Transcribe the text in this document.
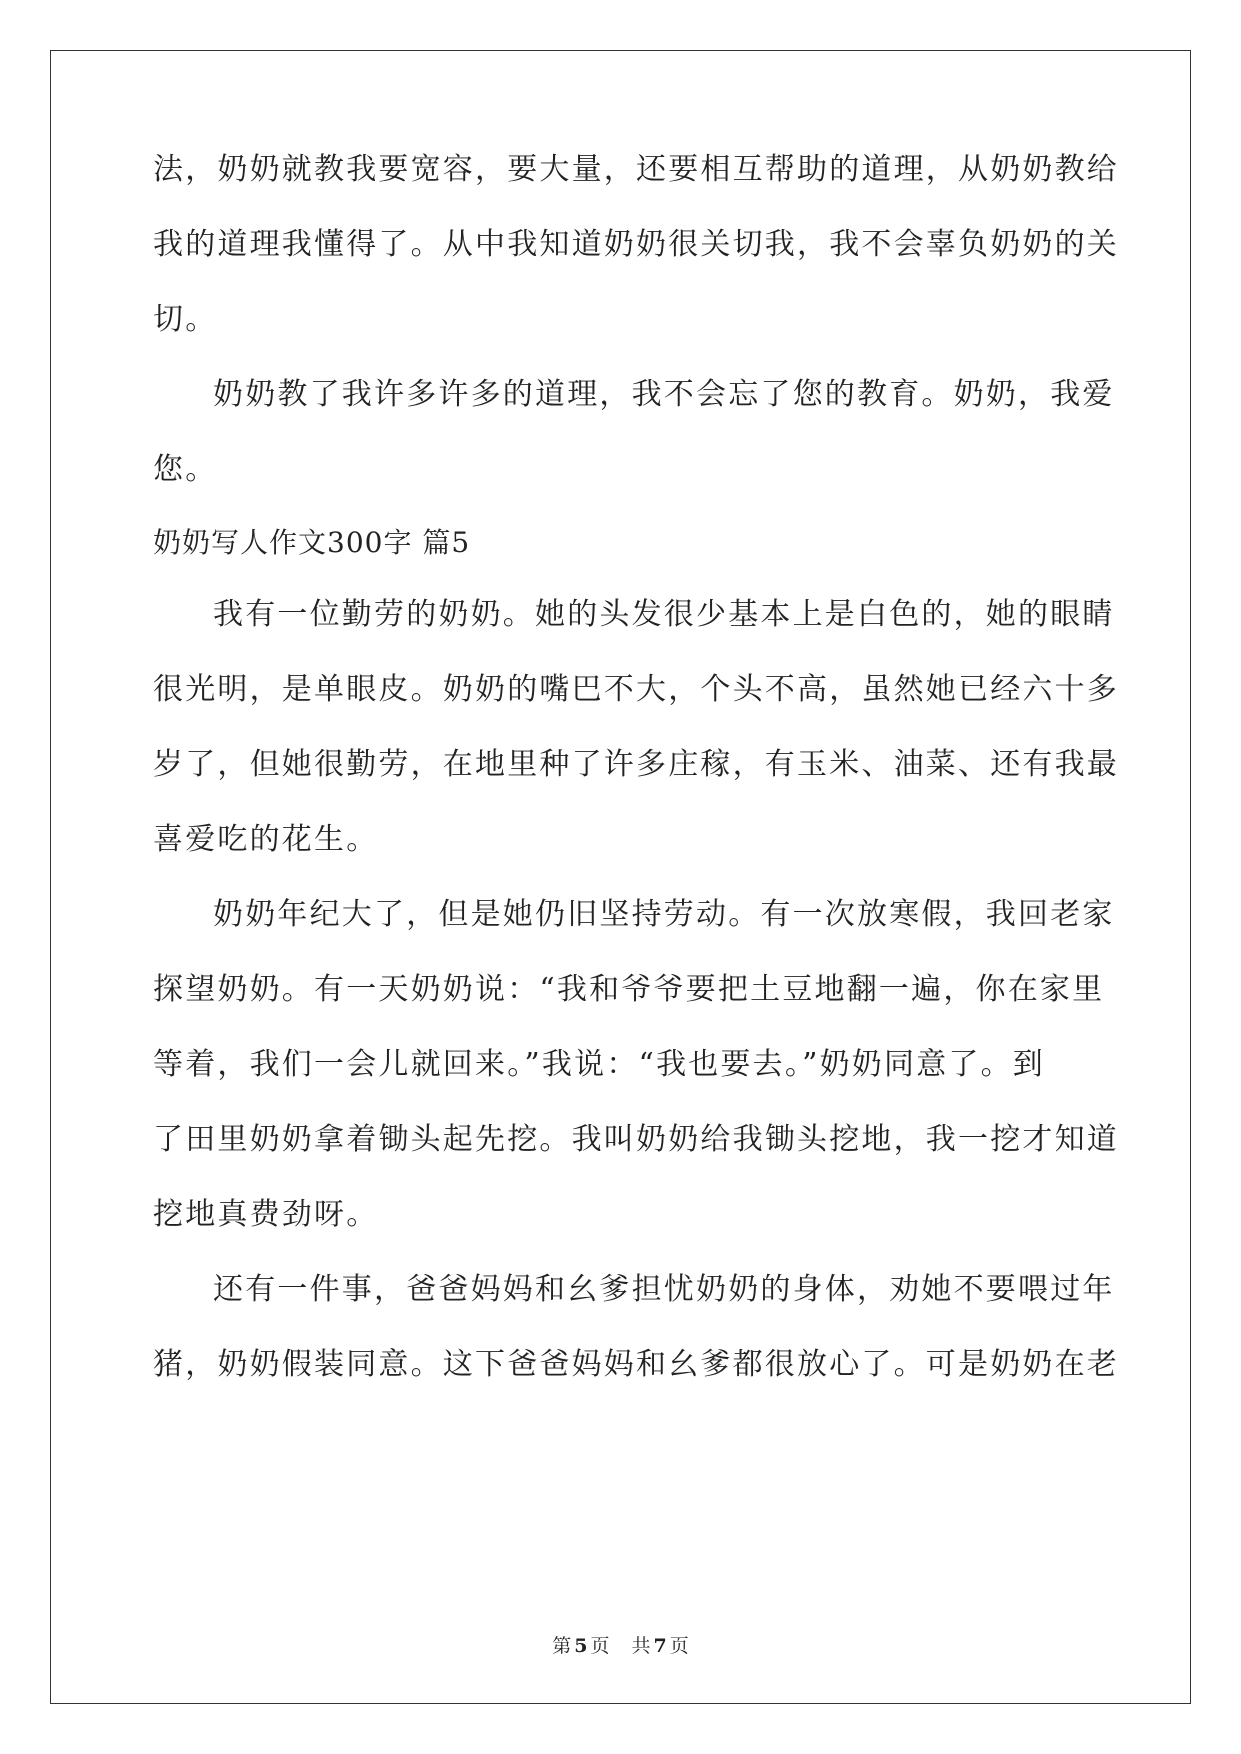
法，奶奶就教我要宽容，要大量，还要相互帮助的道理，从奶奶教给
我的道理我懂得了。从中我知道奶奶很关切我，我不会辜负奶奶的关
切。
奶奶教了我许多许多的道理，我不会忘了您的教育。奶奶，我爱
您。
奶奶写人作文300字 篇5
我有一位勤劳的奶奶。她的头发很少基本上是白色的，她的眼睛
很光明，是单眼皮。奶奶的嘴巴不大，个头不高，虽然她已经六十多
岁了，但她很勤劳，在地里种了许多庄稼，有玉米、油菜、还有我最
喜爱吃的花生。
奶奶年纪大了，但是她仍旧坚持劳动。有一次放寒假，我回老家
探望奶奶。有一天奶奶说：“我和爷爷要把土豆地翻一遍，你在家里
等着，我们一会儿就回来。”我说：“我也要去。”奶奶同意了。到
了田里奶奶拿着锄头起先挖。我叫奶奶给我锄头挖地，我一挖才知道
挖地真费劲呀。
还有一件事，爸爸妈妈和幺爹担忧奶奶的身体，劝她不要喂过年
猪，奶奶假装同意。这下爸爸妈妈和幺爹都很放心了。可是奶奶在老
第 5 页 共 7 页
